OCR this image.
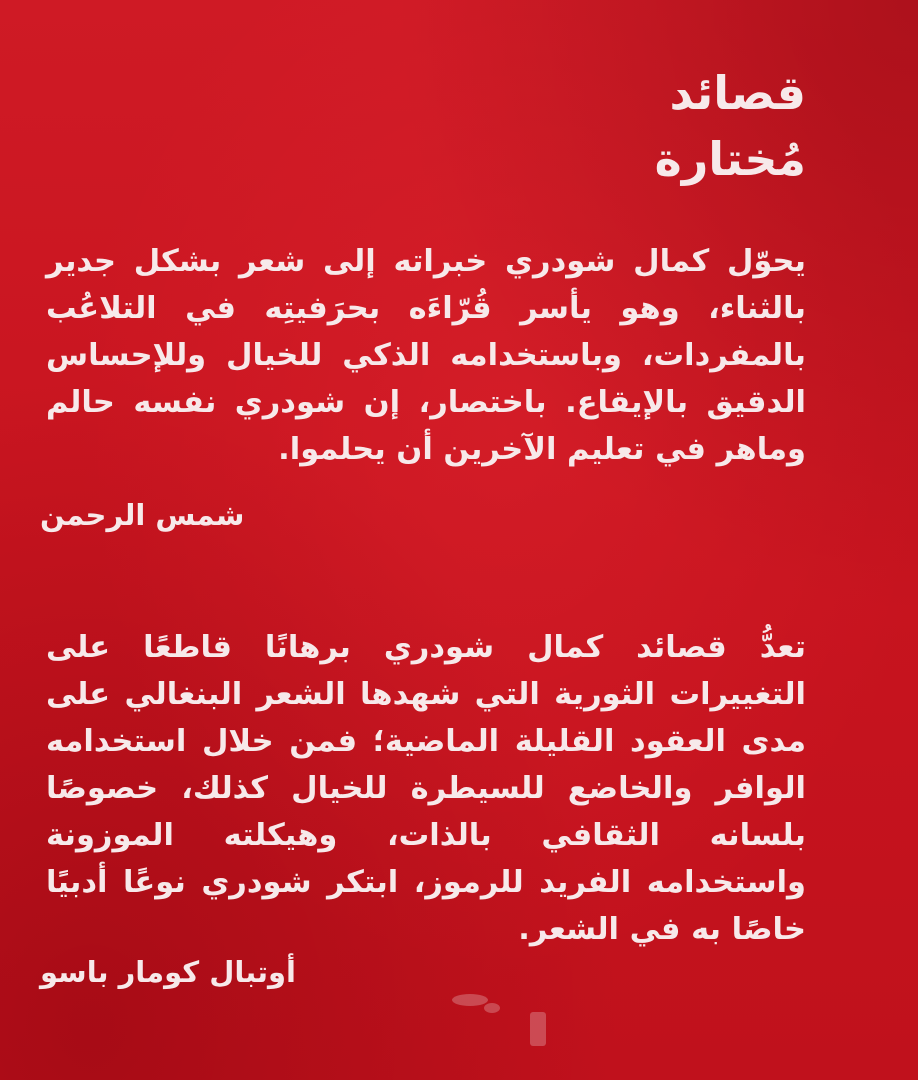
قصائد
مُختارة

يحوّل كمال شودري خبراته إلى شعر بشكل جدير بالثناء، وهو يأسر قُرّاءَه بحرَفيتِه في التلاعُب بالمفردات، وباستخدامه الذكي للخيال وللإحساس الدقيق بالإيقاع. باختصار، إن شودري نفسه حالم وماهر في تعليم الآخرين أن يحلموا.

شمس الرحمن

تعدُّ قصائد كمال شودري برهانًا قاطعًا على التغييرات الثورية التي شهدها الشعر البنغالي على مدى العقود القليلة الماضية؛ فمن خلال استخدامه الوافر والخاضع للسيطرة للخيال كذلك، خصوصًا بلسانه الثقافي بالذات، وهيكلته الموزونة واستخدامه الفريد للرموز، ابتكر شودري نوعًا أدبيًا خاصًا به في الشعر.

أوتبال كومار باسو
